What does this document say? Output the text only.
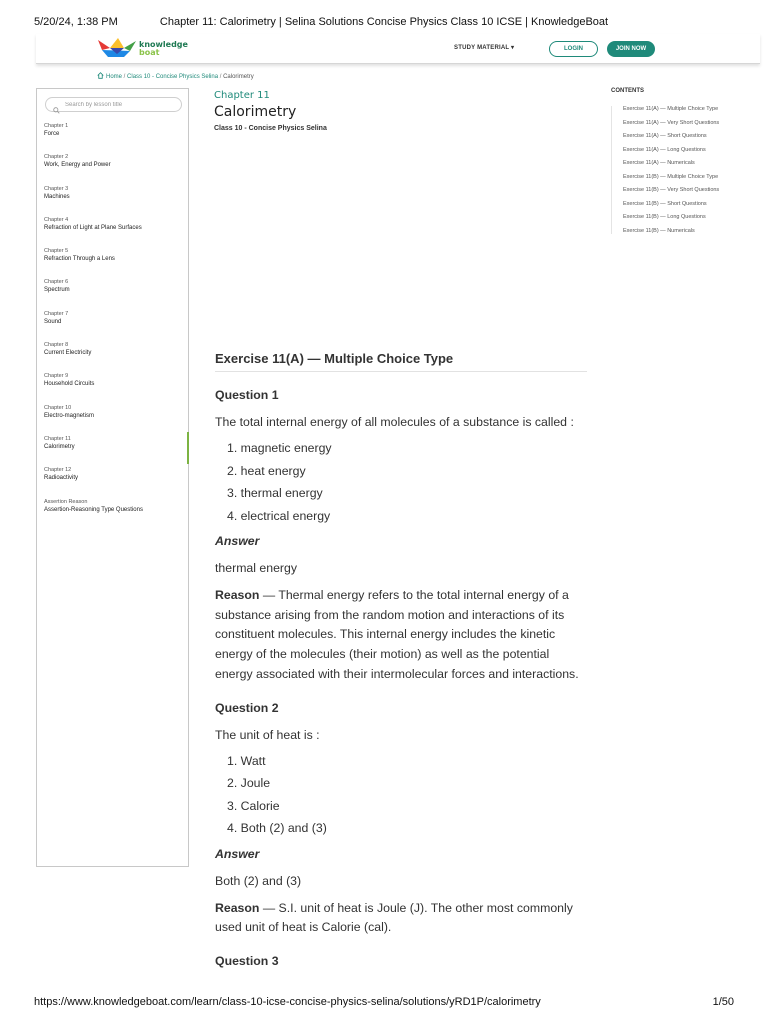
5/20/24, 1:38 PM	Chapter 11: Calorimetry | Selina Solutions Concise Physics Class 10 ICSE | KnowledgeBoat
knowledge
boat	STUDY MATERIAL ▾	LOGIN	JOIN NOW
Home / Class 10 - Concise Physics Selina / Calorimetry
Search by lesson title
Chapter 1
Force
Chapter 2
Work, Energy and Power
Chapter 3
Machines
Chapter 4
Refraction of Light at Plane Surfaces
Chapter 5
Refraction Through a Lens
Chapter 6
Spectrum
Chapter 7
Sound
Chapter 8
Current Electricity
Chapter 9
Household Circuits
Chapter 10
Electro-magnetism
Chapter 11
Calorimetry
Chapter 12
Radioactivity
Assertion Reason
Assertion-Reasoning Type Questions
Chapter 11
Calorimetry
Class 10 - Concise Physics Selina
CONTENTS
Exercise 11(A) — Multiple Choice Type
Exercise 11(A) — Very Short Questions
Exercise 11(A) — Short Questions
Exercise 11(A) — Long Questions
Exercise 11(A) — Numericals
Exercise 11(B) — Multiple Choice Type
Exercise 11(B) — Very Short Questions
Exercise 11(B) — Short Questions
Exercise 11(B) — Long Questions
Exercise 11(B) — Numericals
Exercise 11(A) — Multiple Choice Type
Question 1
The total internal energy of all molecules of a substance is called :
1. magnetic energy
2. heat energy
3. thermal energy
4. electrical energy
Answer
thermal energy
Reason — Thermal energy refers to the total internal energy of a substance arising from the random motion and interactions of its constituent molecules. This internal energy includes the kinetic energy of the molecules (their motion) as well as the potential energy associated with their intermolecular forces and interactions.
Question 2
The unit of heat is :
1. Watt
2. Joule
3. Calorie
4. Both (2) and (3)
Answer
Both (2) and (3)
Reason — S.I. unit of heat is Joule (J). The other most commonly used unit of heat is Calorie (cal).
Question 3
https://www.knowledgeboat.com/learn/class-10-icse-concise-physics-selina/solutions/yRD1P/calorimetry	1/50
